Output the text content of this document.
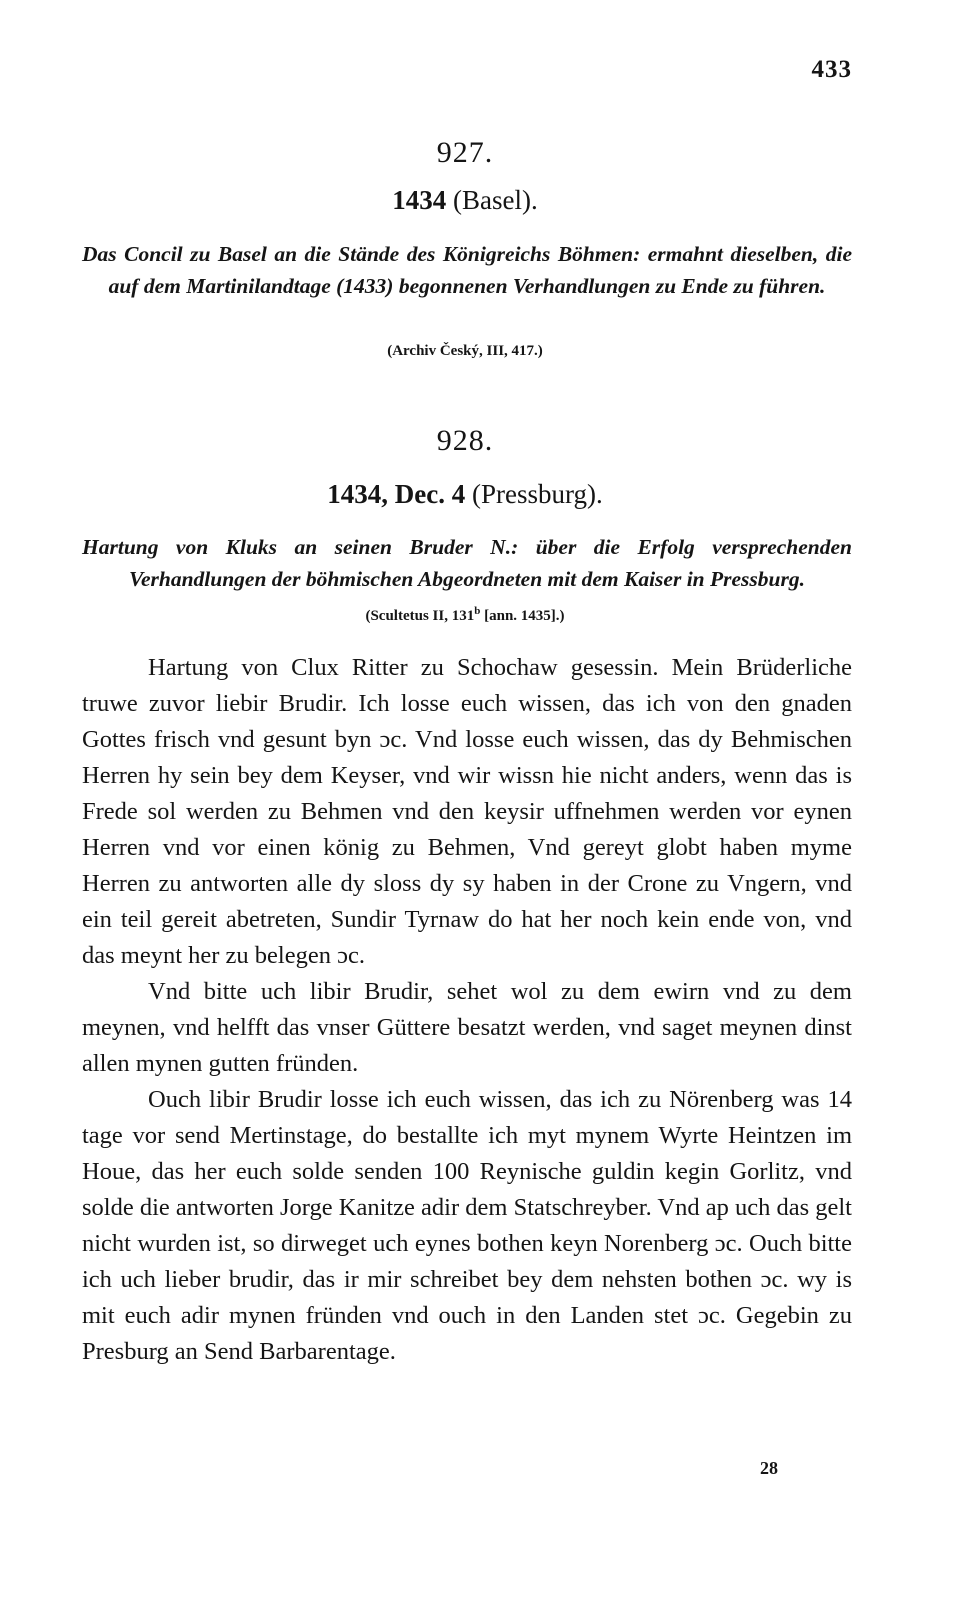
433
927.
1434 (Basel).
Das Concil zu Basel an die Stände des Königreichs Böhmen: ermahnt dieselben, die auf dem Martinilandtage (1433) begonnenen Verhandlungen zu Ende zu führen.
(Archiv Český, III, 417.)
928.
1434, Dec. 4 (Pressburg).
Hartung von Kluks an seinen Bruder N.: über die Erfolg versprechenden Verhandlungen der böhmischen Abgeordneten mit dem Kaiser in Pressburg.
(Scultetus II, 131$^b$ [ann. 1435].)

Hartung von Clux Ritter zu Schochaw gesessin. Mein Brüderliche truwe zuvor liebir Brudir. Ich losse euch wissen, das ich von den gnaden Gottes frisch vnd gesunt byn ɔc. Vnd losse euch wissen, das dy Behmischen Herren hy sein bey dem Keyser, vnd wir wissn hie nicht anders, wenn das is Frede sol werden zu Behmen vnd den keysir uffnehmen werden vor eynen Herren vnd vor einen könig zu Behmen, Vnd gereyt globt haben myme Herren zu antworten alle dy sloss dy sy haben in der Crone zu Vngern, vnd ein teil gereit abetreten, Sundir Tyrnaw do hat her noch kein ende von, vnd das meynt her zu belegen ɔc.

Vnd bitte uch libir Brudir, sehet wol zu dem ewirn vnd zu dem meynen, vnd helfft das vnser Güttere besatzt werden, vnd saget meynen dinst allen mynen gutten fründen.

Ouch libir Brudir losse ich euch wissen, das ich zu Nörenberg was 14 tage vor send Mertinstage, do bestallte ich myt mynem Wyrte Heintzen im Houe, das her euch solde senden 100 Reynische guldin kegin Gorlitz, vnd solde die antworten Jorge Kanitze adir dem Statschreyber. Vnd ap uch das gelt nicht wurden ist, so dirweget uch eynes bothen keyn Norenberg ɔc. Ouch bitte ich uch lieber brudir, das ir mir schreibet bey dem nehsten bothen ɔc. wy is mit euch adir mynen fründen vnd ouch in den Landen stet ɔc. Gegebin zu Presburg an Send Barbarentage.

28
